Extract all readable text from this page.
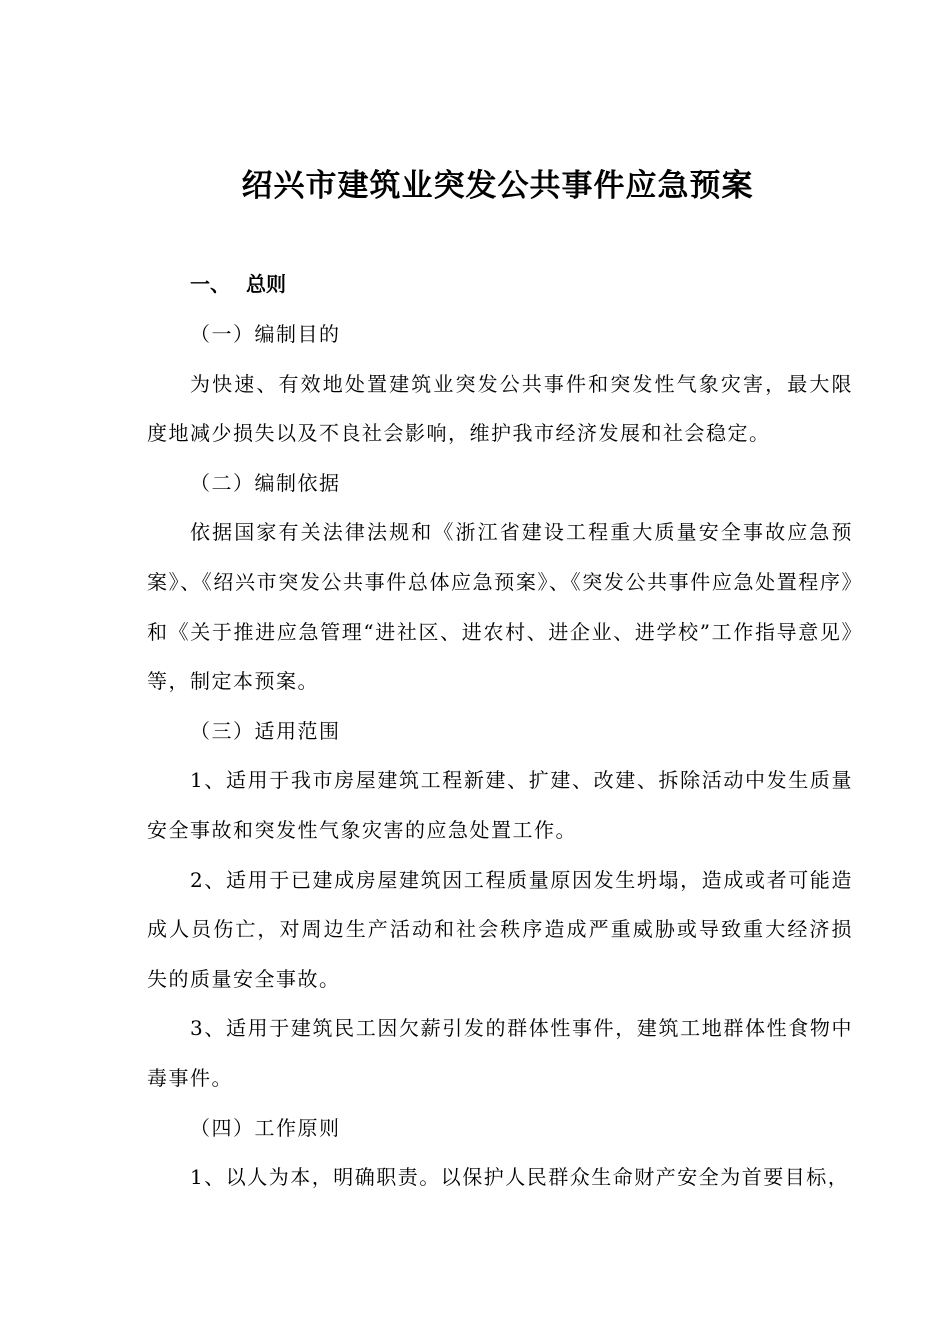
绍兴市建筑业突发公共事件应急预案
一、 总则

（一）编制目的

为快速、有效地处置建筑业突发公共事件和突发性气象灾害，最大限度地减少损失以及不良社会影响，维护我市经济发展和社会稳定。

（二）编制依据

依据国家有关法律法规和《浙江省建设工程重大质量安全事故应急预案》、《绍兴市突发公共事件总体应急预案》、《突发公共事件应急处置程序》和《关于推进应急管理“进社区、进农村、进企业、进学校”工作指导意见》等，制定本预案。

（三）适用范围

1、适用于我市房屋建筑工程新建、扩建、改建、拆除活动中发生质量安全事故和突发性气象灾害的应急处置工作。

2、适用于已建成房屋建筑因工程质量原因发生坍塌，造成或者可能造成人员伤亡，对周边生产活动和社会秩序造成严重威胁或导致重大经济损失的质量安全事故。

3、适用于建筑民工因欠薪引发的群体性事件，建筑工地群体性食物中毒事件。

（四）工作原则

1、以人为本，明确职责。以保护人民群众生命财产安全为首要目标，
